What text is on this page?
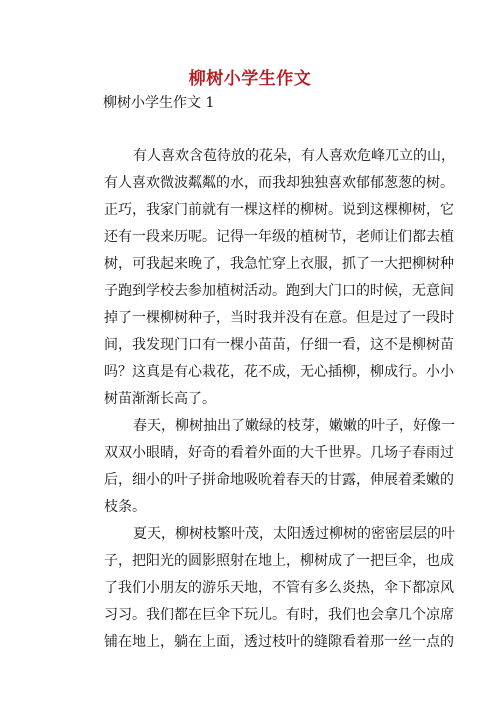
柳树小学生作文
柳树小学生作文 1
有人喜欢含苞待放的花朵，有人喜欢危峰兀立的山，
有人喜欢微波粼粼的水，而我却独独喜欢郁郁葱葱的树。
正巧，我家门前就有一棵这样的柳树。说到这棵柳树，它
还有一段来历呢。记得一年级的植树节，老师让们都去植
树，可我起来晚了，我急忙穿上衣服，抓了一大把柳树种
子跑到学校去参加植树活动。跑到大门口的时候，无意间
掉了一棵柳树种子，当时我并没有在意。但是过了一段时
间，我发现门口有一棵小苗苗，仔细一看，这不是柳树苗
吗？这真是有心栽花，花不成，无心插柳，柳成行。小小
树苗渐渐长高了。
春天，柳树抽出了嫩绿的枝芽，嫩嫩的叶子，好像一
双双小眼睛，好奇的看着外面的大千世界。几场子春雨过
后，细小的叶子拼命地吸吮着春天的甘露，伸展着柔嫩的
枝条。
夏天，柳树枝繁叶茂，太阳透过柳树的密密层层的叶
子，把阳光的圆影照射在地上，柳树成了一把巨伞，也成
了我们小朋友的游乐天地，不管有多么炎热，伞下都凉风
习习。我们都在巨伞下玩儿。有时，我们也会拿几个凉席
铺在地上，躺在上面，透过枝叶的缝隙看着那一丝一点的
